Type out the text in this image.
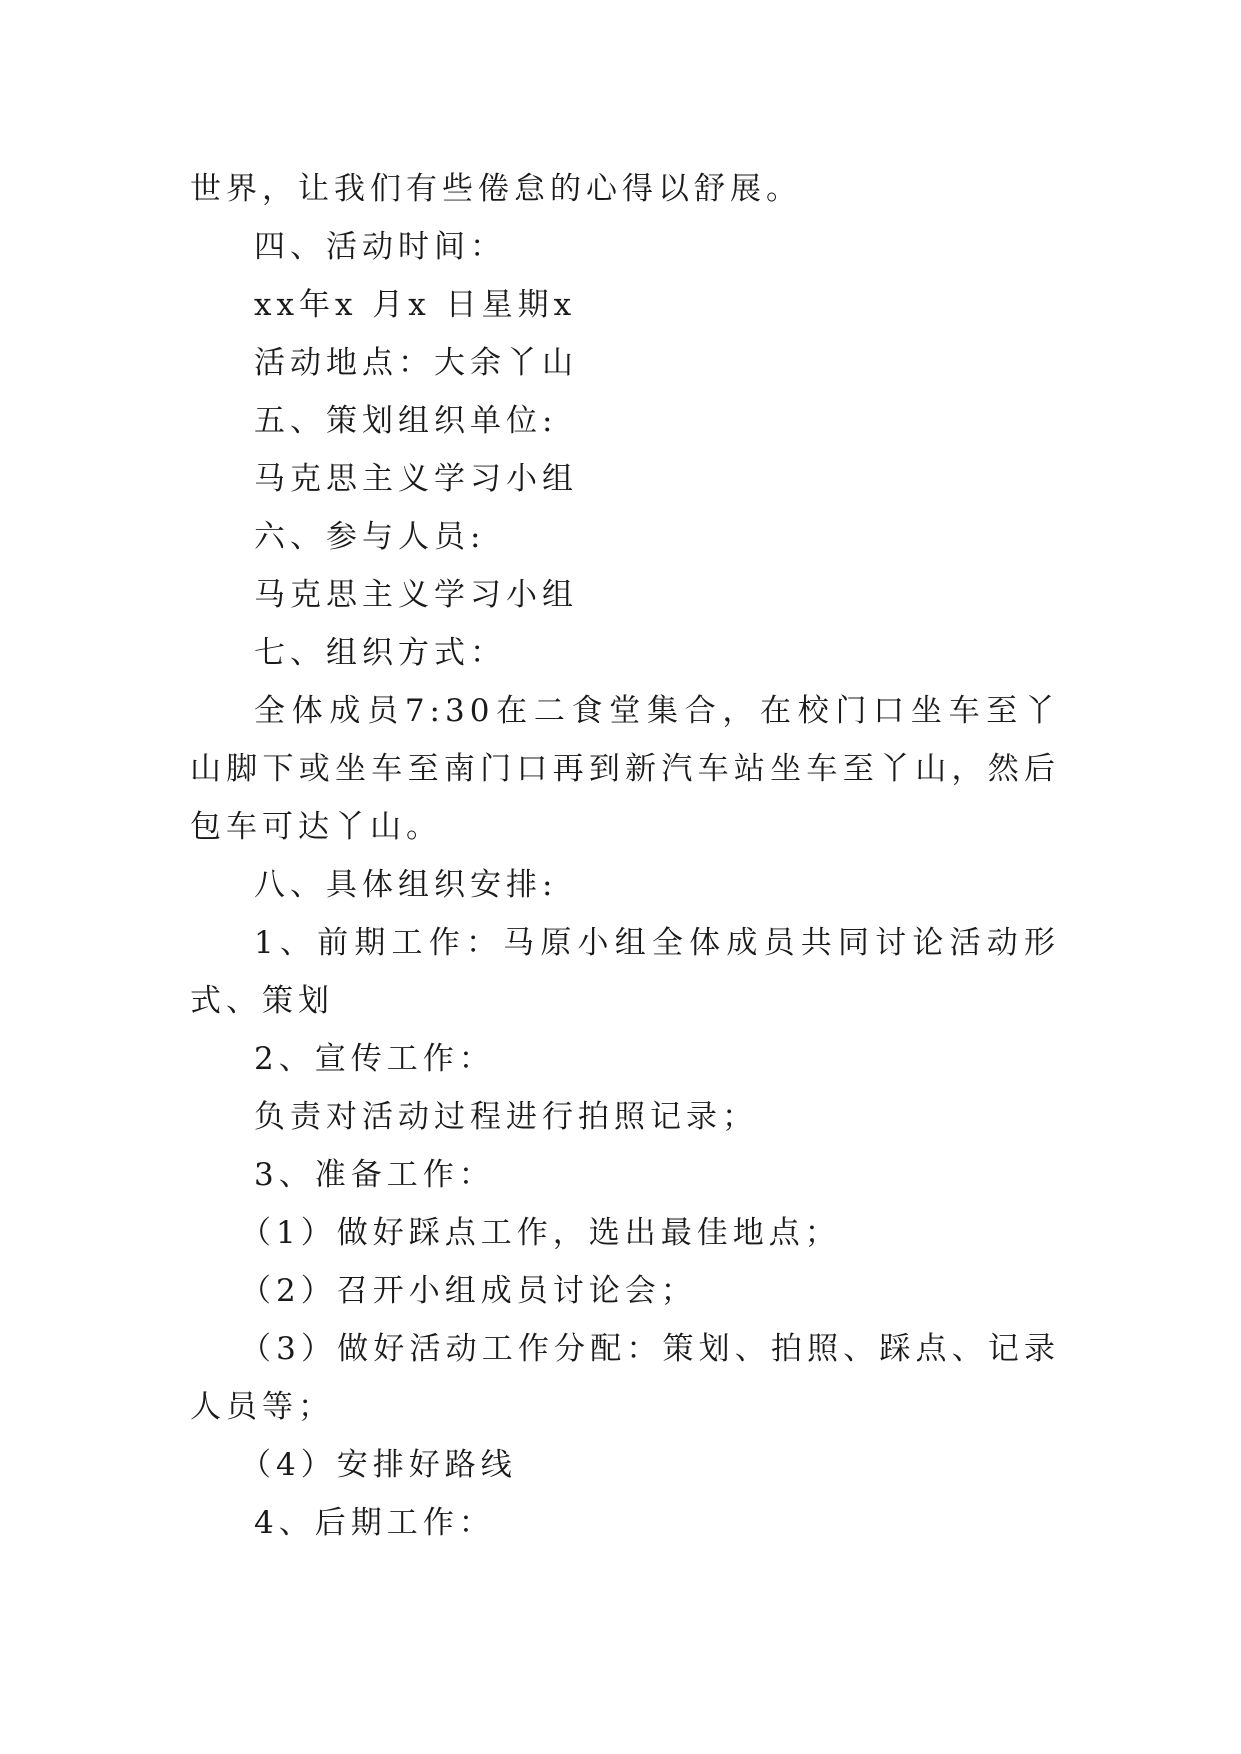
世界，让我们有些倦怠的心得以舒展。

四、活动时间：

xx年x 月x 日星期x

活动地点：大余丫山

五、策划组织单位:

马克思主义学习小组

六、参与人员:

马克思主义学习小组

七、组织方式：

全体成员7:30在二食堂集合，在校门口坐车至丫山脚下或坐车至南门口再到新汽车站坐车至丫山，然后包车可达丫山。

八、具体组织安排:

1、前期工作：马原小组全体成员共同讨论活动形式、策划

2、宣传工作：

负责对活动过程进行拍照记录；

3、准备工作：

（1）做好踩点工作，选出最佳地点；

（2）召开小组成员讨论会；

（3）做好活动工作分配：策划、拍照、踩点、记录人员等；

（4）安排好路线

4、后期工作：
